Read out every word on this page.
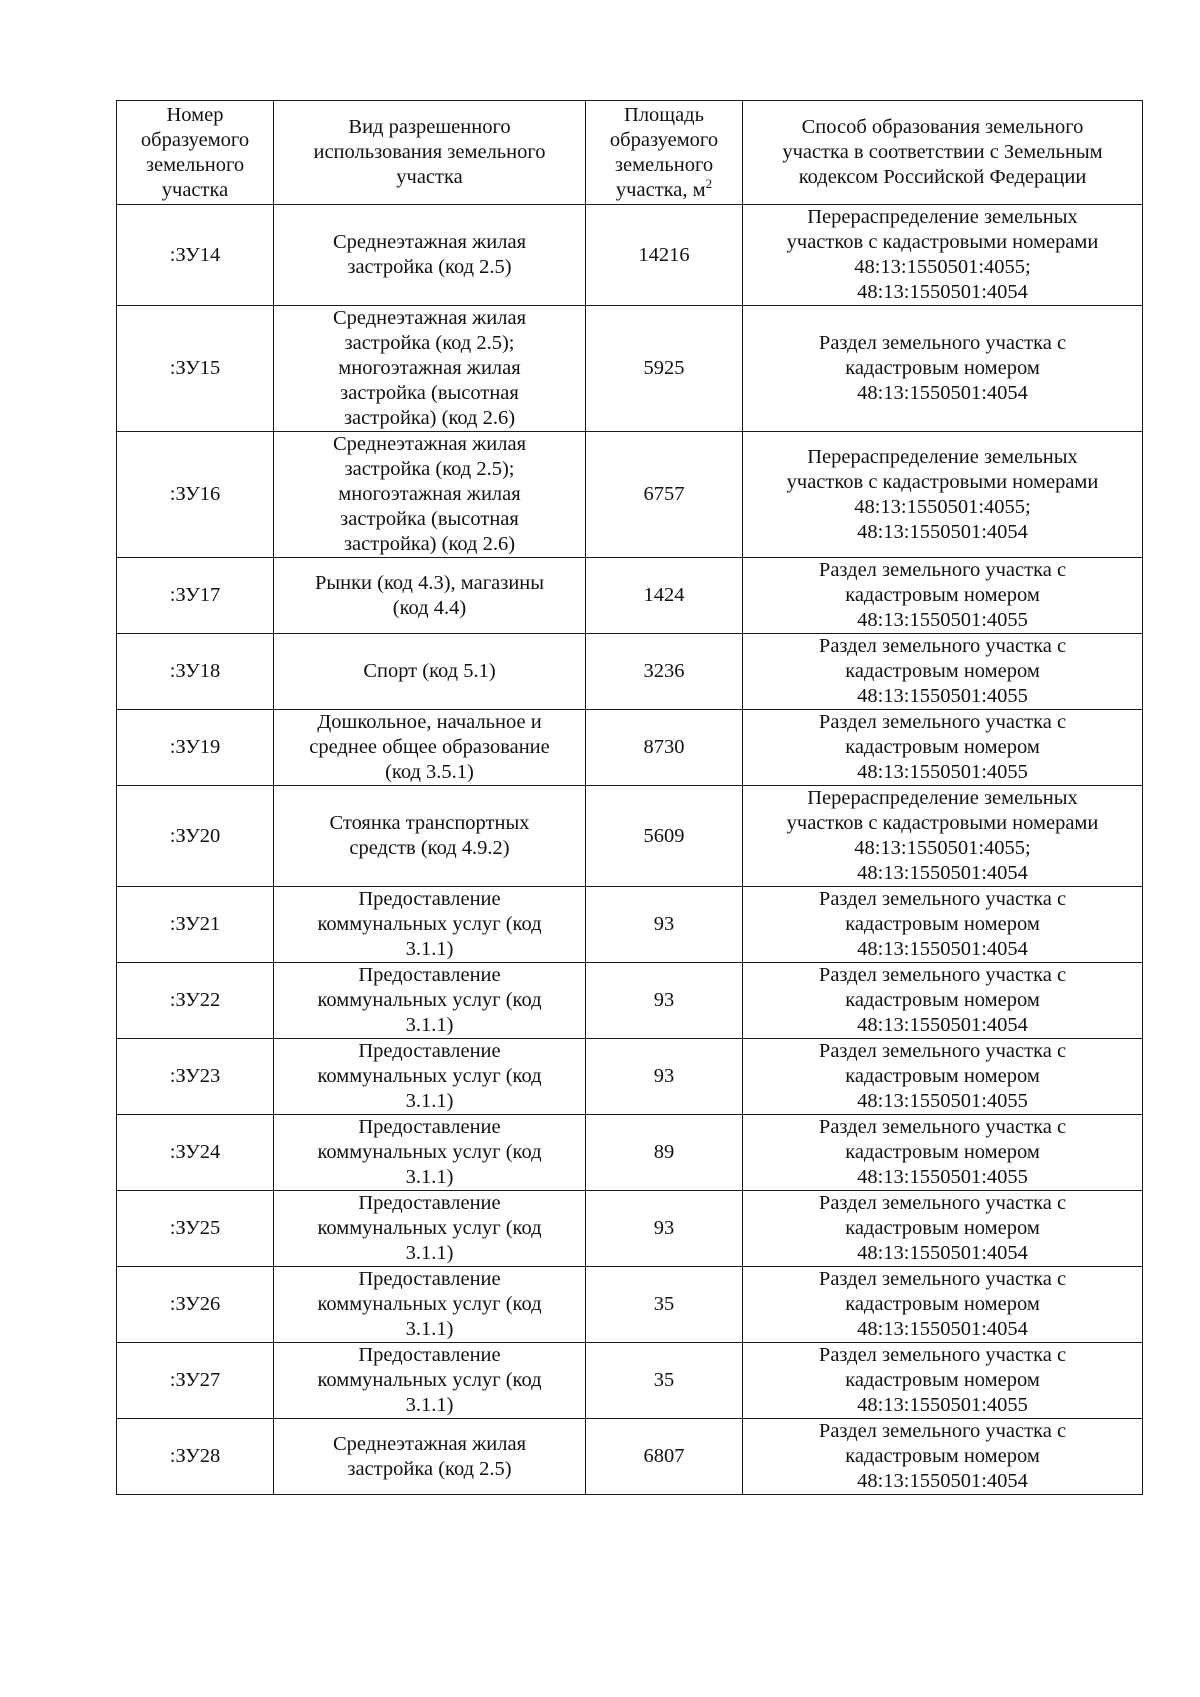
Номер
образуемого
земельного
участка	Вид разрешенного
использования земельного
участка	Площадь
образуемого
земельного
участка, $м^2$	Способ образования земельного
участка в соответствии с Земельным
кодексом Российской Федерации
:ЗУ14	Среднеэтажная жилая
застройка (код 2.5)	14216	Перераспределение земельных
участков с кадастровыми номерами
48:13:1550501:4055;
48:13:1550501:4054
:ЗУ15	Среднеэтажная жилая
застройка (код 2.5);
многоэтажная жилая
застройка (высотная
застройка) (код 2.6)	5925	Раздел земельного участка с
кадастровым номером
48:13:1550501:4054
:ЗУ16	Среднеэтажная жилая
застройка (код 2.5);
многоэтажная жилая
застройка (высотная
застройка) (код 2.6)	6757	Перераспределение земельных
участков с кадастровыми номерами
48:13:1550501:4055;
48:13:1550501:4054
:ЗУ17	Рынки (код 4.3), магазины
(код 4.4)	1424	Раздел земельного участка с
кадастровым номером
48:13:1550501:4055
:ЗУ18	Спорт (код 5.1)	3236	Раздел земельного участка с
кадастровым номером
48:13:1550501:4055
:ЗУ19	Дошкольное, начальное и
среднее общее образование
(код 3.5.1)	8730	Раздел земельного участка с
кадастровым номером
48:13:1550501:4055
:ЗУ20	Стоянка транспортных
средств (код 4.9.2)	5609	Перераспределение земельных
участков с кадастровыми номерами
48:13:1550501:4055;
48:13:1550501:4054
:ЗУ21	Предоставление
коммунальных услуг (код
3.1.1)	93	Раздел земельного участка с
кадастровым номером
48:13:1550501:4054
:ЗУ22	Предоставление
коммунальных услуг (код
3.1.1)	93	Раздел земельного участка с
кадастровым номером
48:13:1550501:4054
:ЗУ23	Предоставление
коммунальных услуг (код
3.1.1)	93	Раздел земельного участка с
кадастровым номером
48:13:1550501:4055
:ЗУ24	Предоставление
коммунальных услуг (код
3.1.1)	89	Раздел земельного участка с
кадастровым номером
48:13:1550501:4055
:ЗУ25	Предоставление
коммунальных услуг (код
3.1.1)	93	Раздел земельного участка с
кадастровым номером
48:13:1550501:4054
:ЗУ26	Предоставление
коммунальных услуг (код
3.1.1)	35	Раздел земельного участка с
кадастровым номером
48:13:1550501:4054
:ЗУ27	Предоставление
коммунальных услуг (код
3.1.1)	35	Раздел земельного участка с
кадастровым номером
48:13:1550501:4055
:ЗУ28	Среднеэтажная жилая
застройка (код 2.5)	6807	Раздел земельного участка с
кадастровым номером
48:13:1550501:4054
